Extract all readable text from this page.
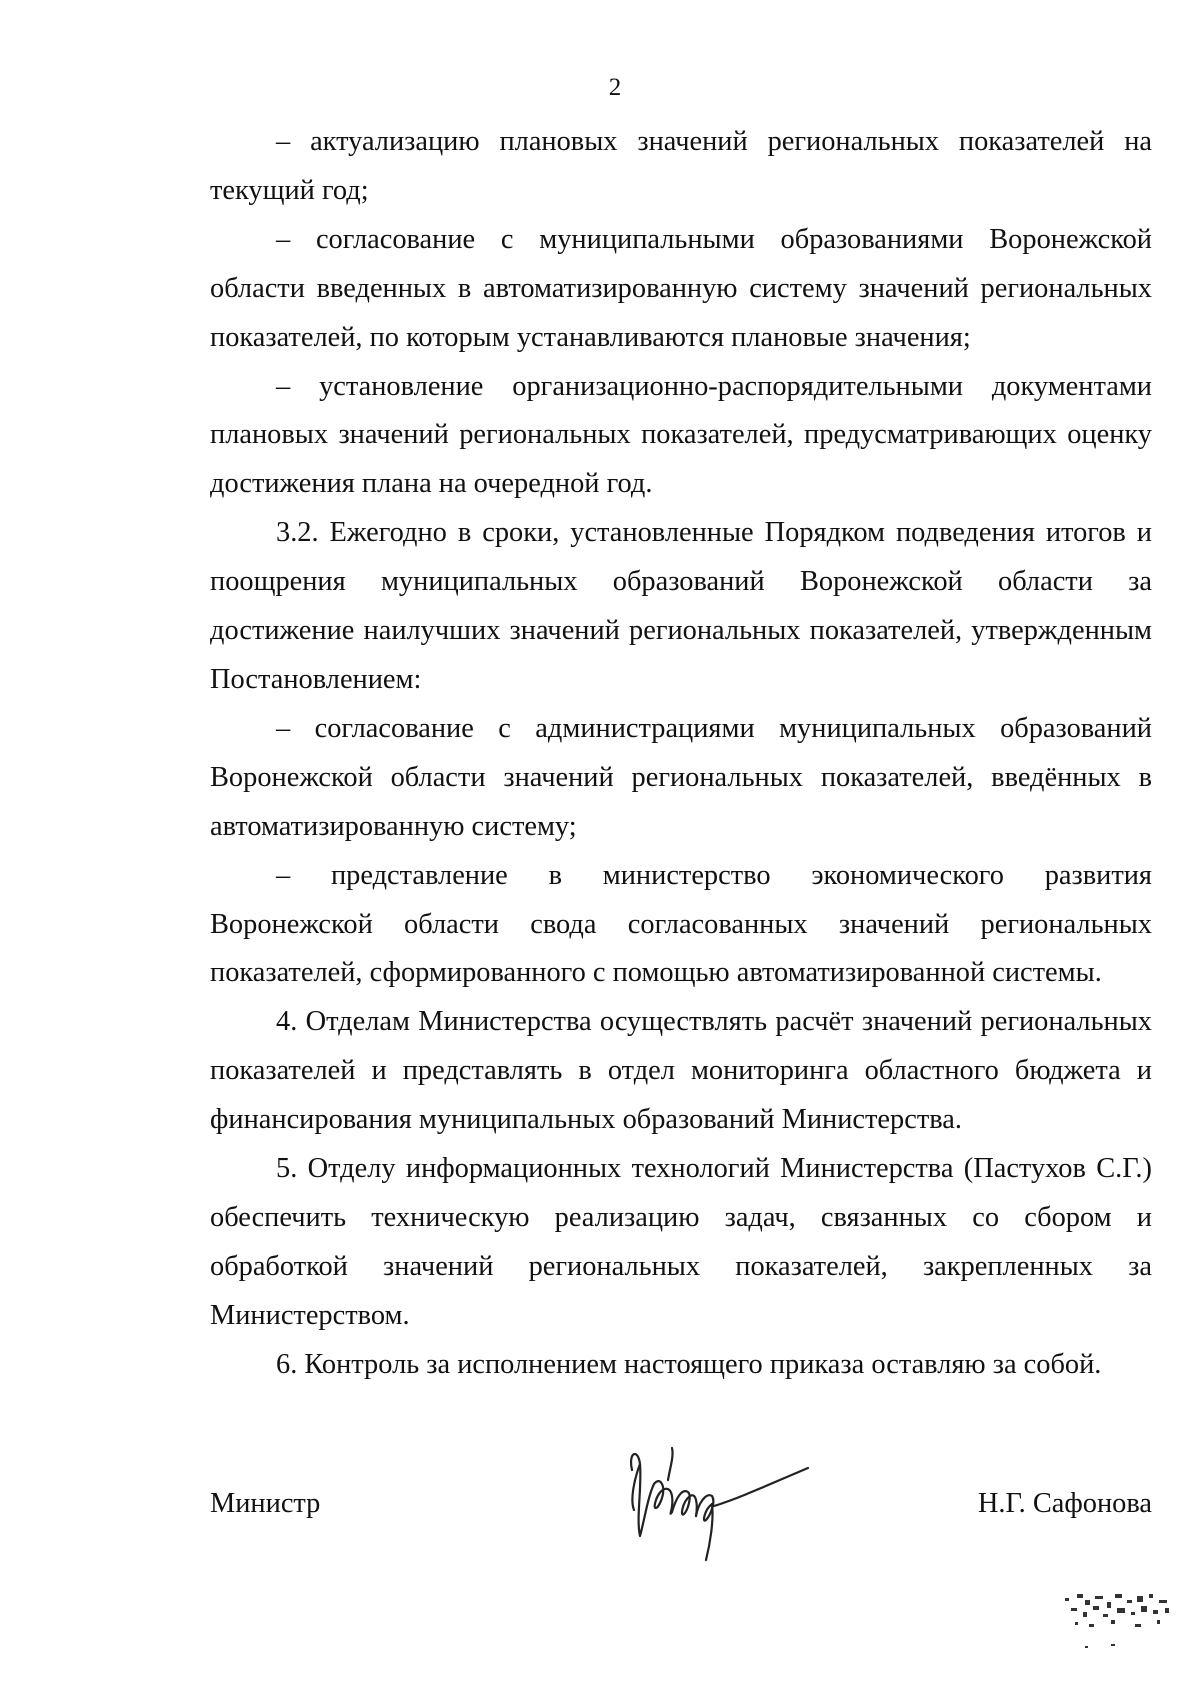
2

– актуализацию плановых значений региональных показателей на текущий год;

– согласование с муниципальными образованиями Воронежской области введенных в автоматизированную систему значений региональных показателей, по которым устанавливаются плановые значения;

– установление организационно-распорядительными документами плановых значений региональных показателей, предусматривающих оценку достижения плана на очередной год.

3.2. Ежегодно в сроки, установленные Порядком подведения итогов и поощрения муниципальных образований Воронежской области за достижение наилучших значений региональных показателей, утвержденным Постановлением:

– согласование с администрациями муниципальных образований Воронежской области значений региональных показателей, введённых в автоматизированную систему;

– представление в министерство экономического развития Воронежской области свода согласованных значений региональных показателей, сформированного с помощью автоматизированной системы.

4. Отделам Министерства осуществлять расчёт значений региональных показателей и представлять в отдел мониторинга областного бюджета и финансирования муниципальных образований Министерства.

5. Отделу информационных технологий Министерства (Пастухов С.Г.) обеспечить техническую реализацию задач, связанных со сбором и обработкой значений региональных показателей, закрепленных за Министерством.

6. Контроль за исполнением настоящего приказа оставляю за собой.

Министр	Н.Г. Сафонова
